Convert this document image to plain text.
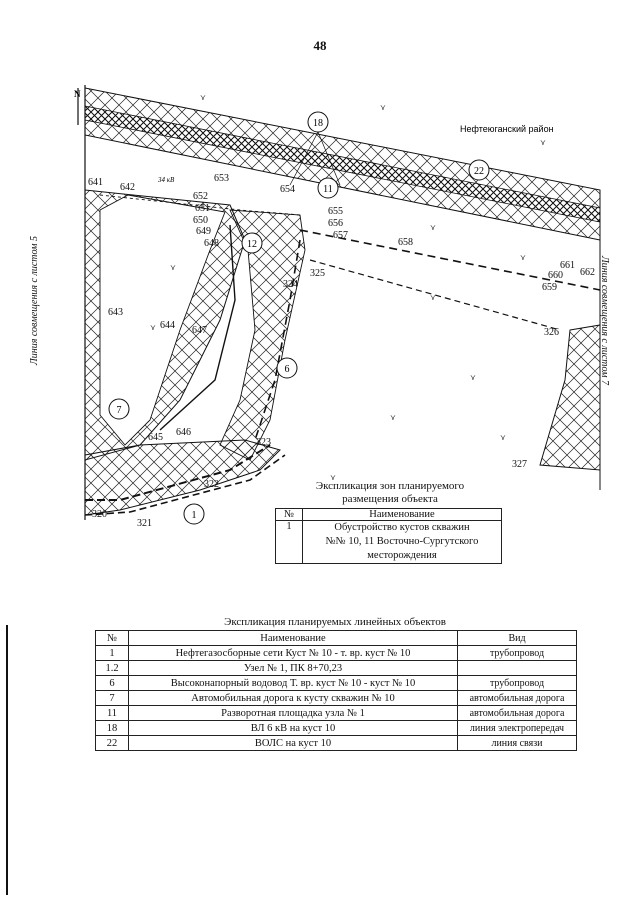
48
⋎
⋎
⋎
⋎
⋎
⋎
⋎
⋎
⋎
⋎
⋎
⋎
N
Нефтеюганский район
34 кВ
18
11
22
12
6
7
1
641 642
643
644
645 646
647
648
649
650
651
652
653
654
655
656
657
658
659
660
661
662
320
321
322
323
324
325
326
327
Линия совмещения с листом 5	Линия совмещения с листом 7
Экспликация зон планируемого
размещения объекта
№	Наименование
1	Обустройство кустов скважин
№№ 10, 11 Восточно-Сургутского
месторождения
Экспликация планируемых линейных объектов
№	Наименование	Вид
1	Нефтегазосборные сети Куст № 10 - т. вр. куст № 10	трубопровод
1.2	Узел № 1, ПК 8+70,23	
6	Высоконапорный водовод Т. вр. куст № 10 - куст № 10	трубопровод
7	Автомобильная дорога к кусту скважин № 10	автомобильная дорога
11	Разворотная площадка узла № 1	автомобильная дорога
18	ВЛ 6 кВ на куст 10	линия электропередач
22	ВОЛС на куст 10	линия связи
